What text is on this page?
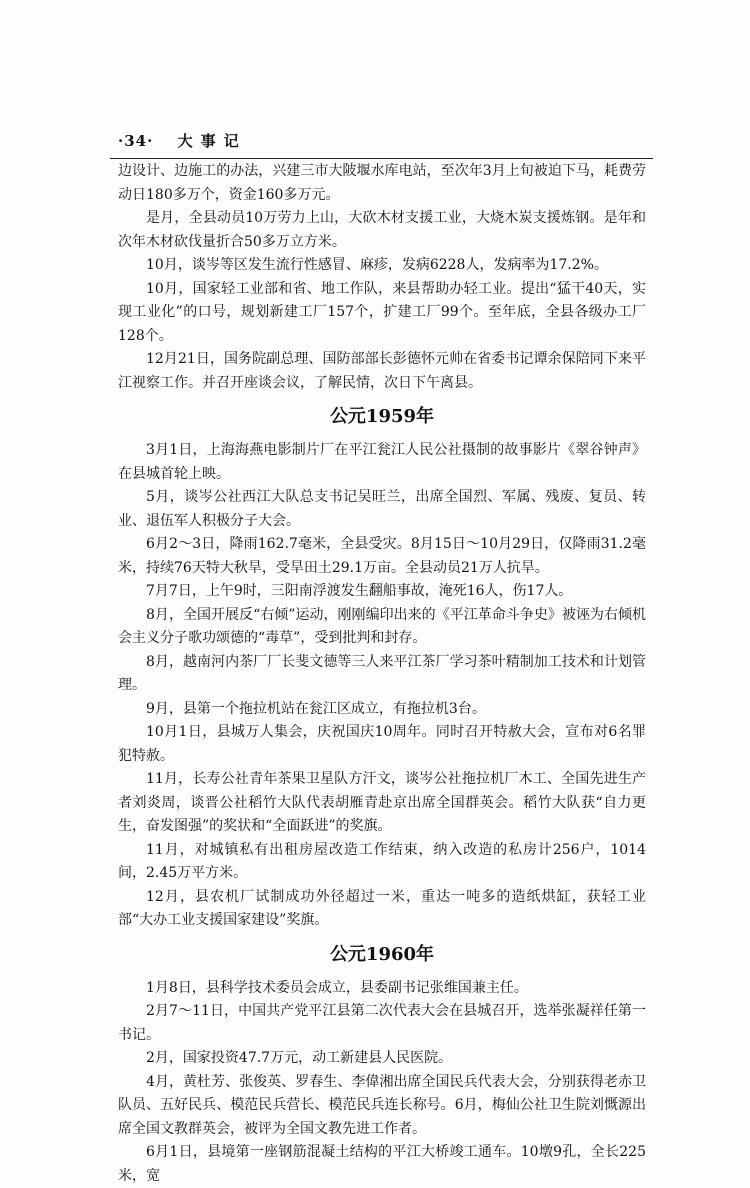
·34· 大事记

边设计、边施工的办法，兴建三市大陂堰水库电站，至次年3月上旬被迫下马，耗费劳动日180多万个，资金160多万元。

是月，全县动员10万劳力上山，大砍木材支援工业，大烧木炭支援炼钢。是年和次年木材砍伐量折合50多万立方米。

10月，谈岑等区发生流行性感冒、麻疹，发病6228人，发病率为17.2%。

10月，国家轻工业部和省、地工作队，来县帮助办轻工业。提出“猛干40天，实现工业化”的口号，规划新建工厂157个，扩建工厂99个。至年底，全县各级办工厂128个。

12月21日，国务院副总理、国防部部长彭德怀元帅在省委书记谭余保陪同下来平江视察工作。并召开座谈会议，了解民情，次日下午离县。

公元1959年

3月1日，上海海燕电影制片厂在平江瓮江人民公社摄制的故事影片《翠谷钟声》在县城首轮上映。

5月，谈岑公社西江大队总支书记吴旺兰，出席全国烈、军属、残废、复员、转业、退伍军人积极分子大会。

6月2～3日，降雨162.7毫米，全县受灾。8月15日～10月29日，仅降雨31.2毫米，持续76天特大秋旱，受旱田土29.1万亩。全县动员21万人抗旱。

7月7日，上午9时，三阳南浮渡发生翻船事故，淹死16人，伤17人。

8月，全国开展反“右倾”运动，刚刚编印出来的《平江革命斗争史》被诬为右倾机会主义分子歌功颂德的“毒草”，受到批判和封存。

8月，越南河内茶厂厂长斐文德等三人来平江茶厂学习茶叶精制加工技术和计划管理。

9月，县第一个拖拉机站在瓮江区成立，有拖拉机3台。

10月1日，县城万人集会，庆祝国庆10周年。同时召开特赦大会，宣布对6名罪犯特赦。

11月，长寿公社青年茶果卫星队方汗文，谈岑公社拖拉机厂木工、全国先进生产者刘炎周，谈晋公社稻竹大队代表胡雁青赴京出席全国群英会。稻竹大队获“自力更生，奋发图强”的奖状和“全面跃进”的奖旗。

11月，对城镇私有出租房屋改造工作结束，纳入改造的私房计256户，1014间，2.45万平方米。

12月，县农机厂试制成功外径超过一米，重达一吨多的造纸烘缸，获轻工业部“大办工业支援国家建设”奖旗。

公元1960年

1月8日，县科学技术委员会成立，县委副书记张维国兼主任。

2月7～11日，中国共产党平江县第二次代表大会在县城召开，选举张凝祥任第一书记。

2月，国家投资47.7万元，动工新建县人民医院。

4月，黄杜芳、张俊英、罗春生、李偉湘出席全国民兵代表大会，分别获得老赤卫队员、五好民兵、模范民兵营长、模范民兵连长称号。6月，梅仙公社卫生院刘慨源出席全国文教群英会，被评为全国文教先进工作者。

6月1日，县境第一座钢筋混凝土结构的平江大桥竣工通车。10墩9孔，全长225米，宽
